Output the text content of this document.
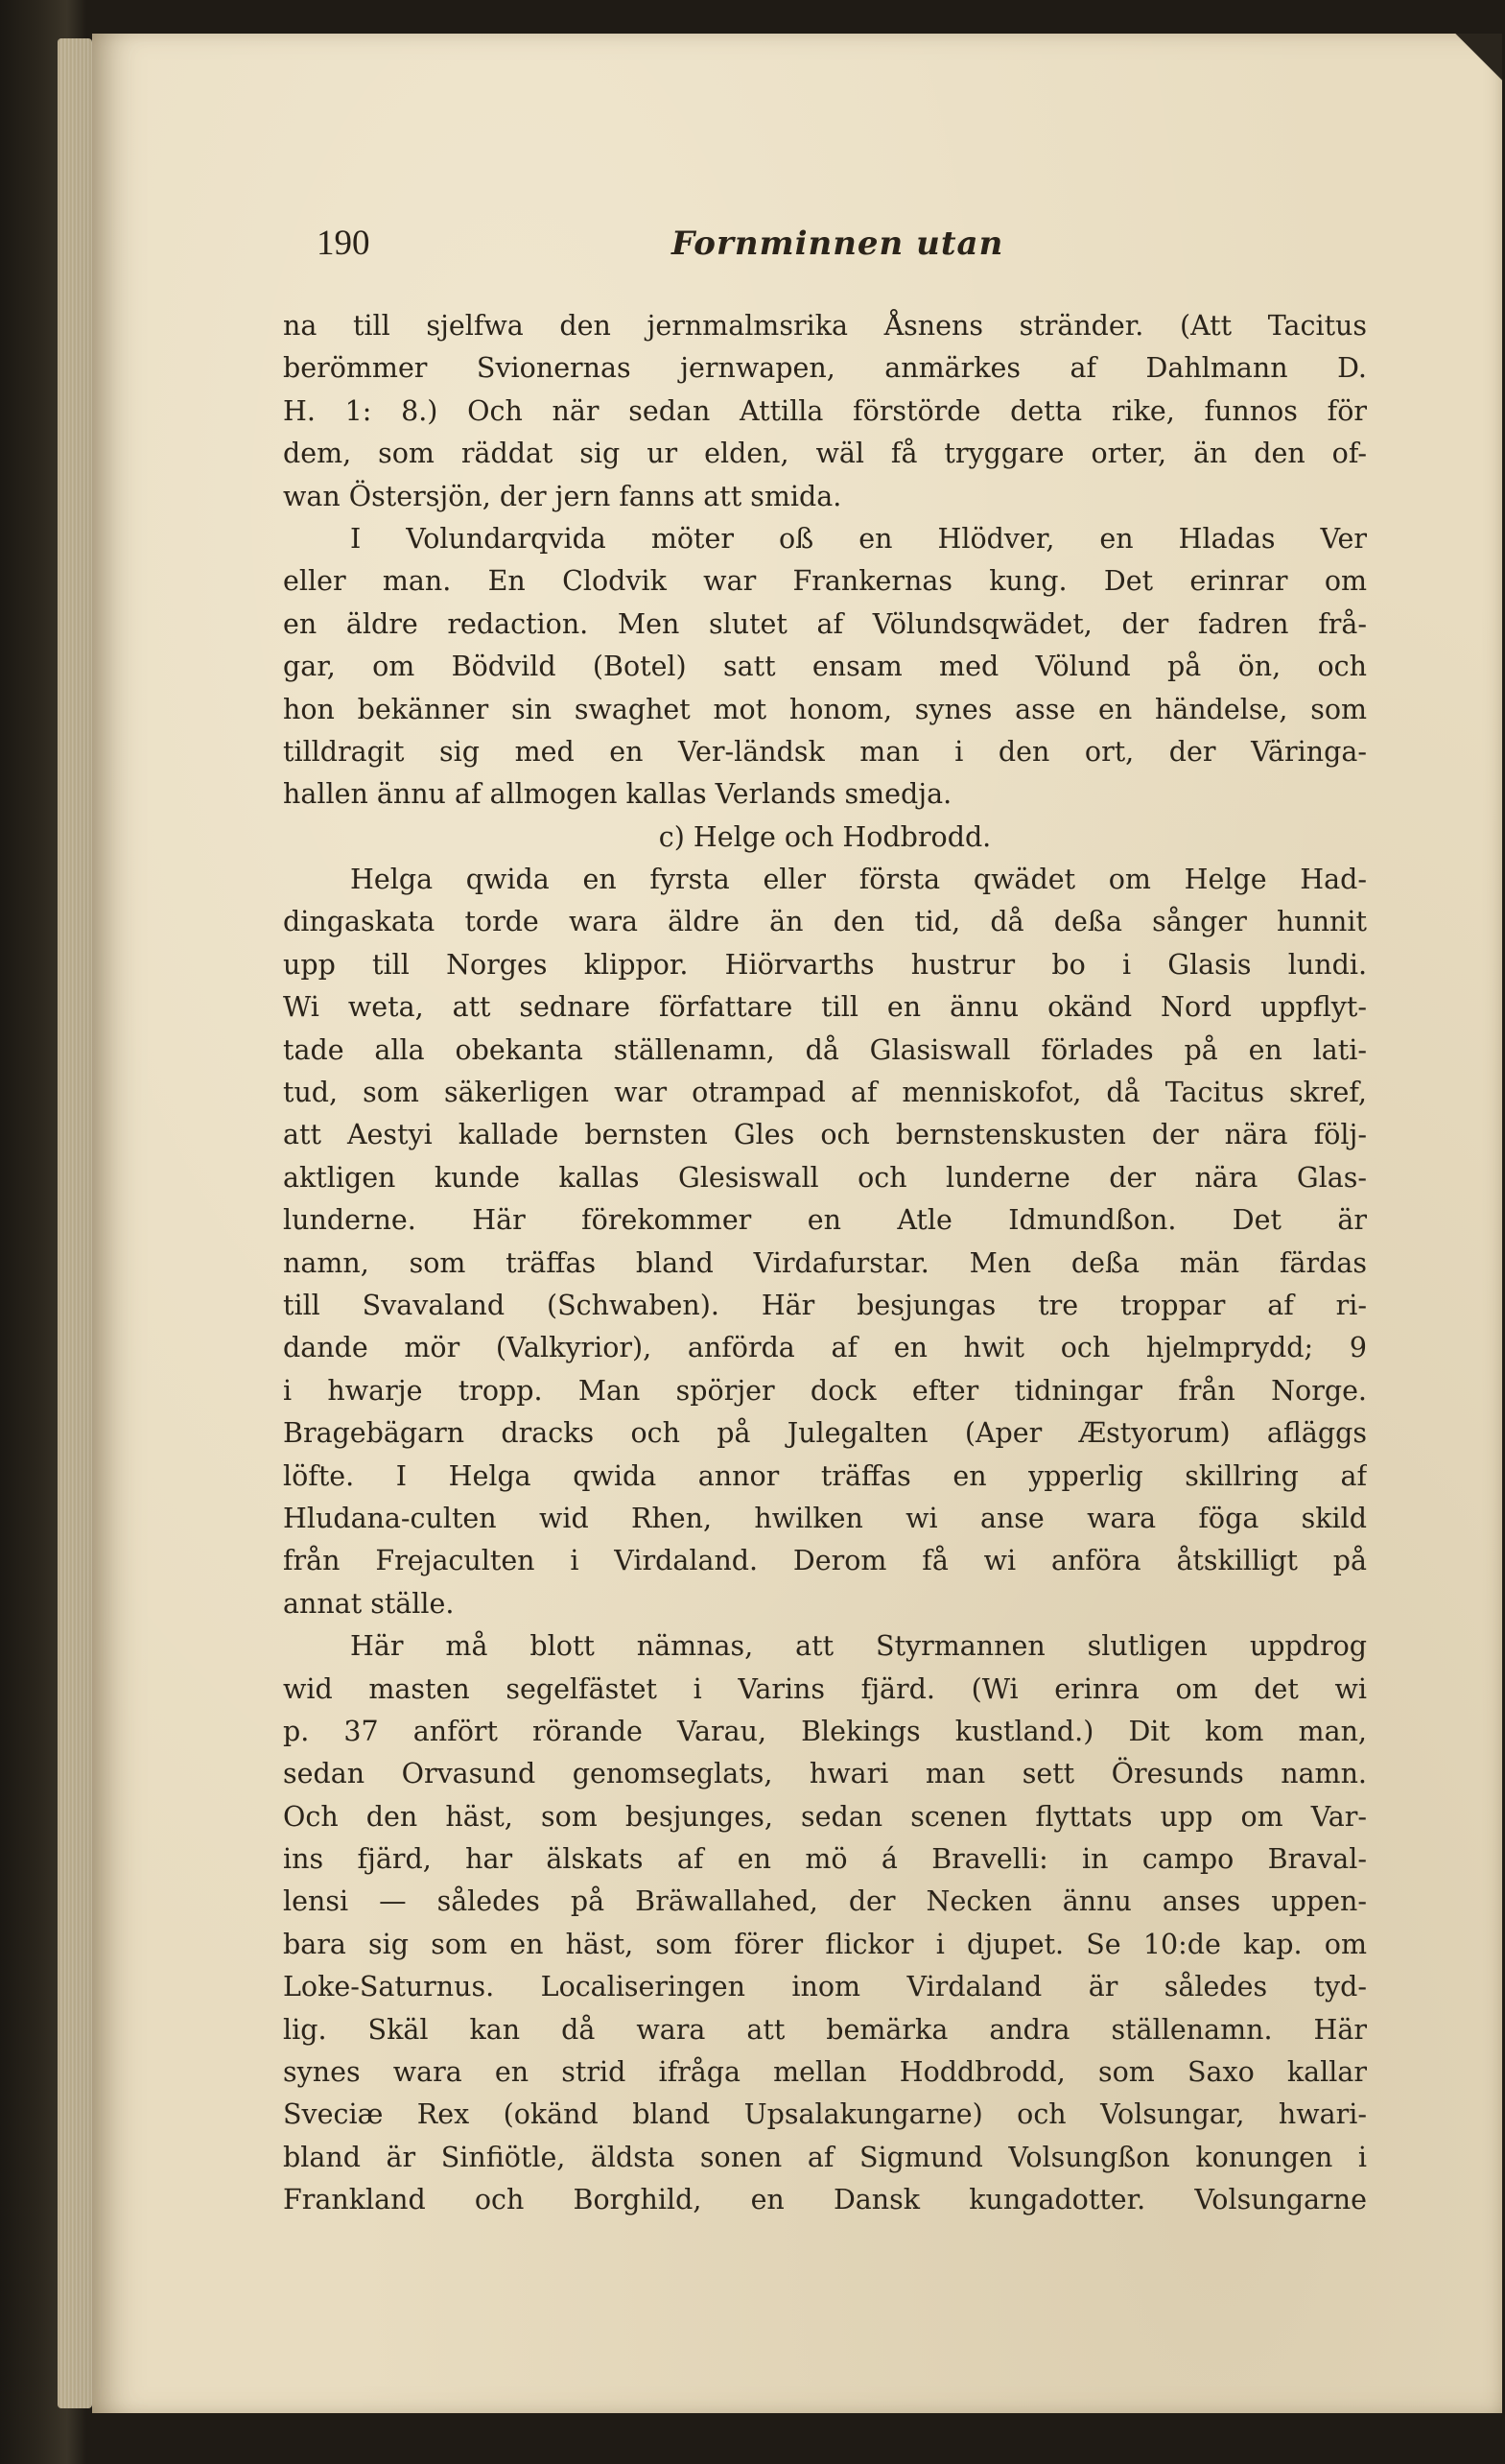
190	Fornminnen utan
na till sjelfwa den jernmalmsrika Åsnens stränder. (Att Tacitus
berömmer Svionernas jernwapen, anmärkes af Dahlmann D.
H. 1: 8.) Och när sedan Attilla förstörde detta rike, funnos för
dem, som räddat sig ur elden, wäl få tryggare orter, än den of-
wan Östersjön, der jern fanns att smida.
I Volundarqvida möter oß en Hlödver, en Hladas Ver
eller man. En Clodvik war Frankernas kung. Det erinrar om
en äldre redaction. Men slutet af Völundsqwädet, der fadren frå-
gar, om Bödvild (Botel) satt ensam med Völund på ön, och
hon bekänner sin swaghet mot honom, synes asse en händelse, som
tilldragit sig med en Ver-ländsk man i den ort, der Väringa-
hallen ännu af allmogen kallas Verlands smedja.
c) Helge och Hodbrodd.
Helga qwida en fyrsta eller första qwädet om Helge Had-
dingaskata torde wara äldre än den tid, då deßa sånger hunnit
upp till Norges klippor. Hiörvarths hustrur bo i Glasis lundi.
Wi weta, att sednare författare till en ännu okänd Nord uppflyt-
tade alla obekanta ställenamn, då Glasiswall förlades på en lati-
tud, som säkerligen war otrampad af menniskofot, då Tacitus skref,
att Aestyi kallade bernsten Gles och bernstenskusten der nära följ-
aktligen kunde kallas Glesiswall och lunderne der nära Glas-
lunderne. Här förekommer en Atle Idmundßon. Det är
namn, som träffas bland Virdafurstar. Men deßa män färdas
till Svavaland (Schwaben). Här besjungas tre troppar af ri-
dande mör (Valkyrior), anförda af en hwit och hjelmprydd; 9
i hwarje tropp. Man spörjer dock efter tidningar från Norge.
Bragebägarn dracks och på Julegalten (Aper Æstyorum) afläggs
löfte. I Helga qwida annor träffas en ypperlig skillring af
Hludana-culten wid Rhen, hwilken wi anse wara föga skild
från Frejaculten i Virdaland. Derom få wi anföra åtskilligt på
annat ställe.
Här må blott nämnas, att Styrmannen slutligen uppdrog
wid masten segelfästet i Varins fjärd. (Wi erinra om det wi
p. 37 anfört rörande Varau, Blekings kustland.) Dit kom man,
sedan Orvasund genomseglats, hwari man sett Öresunds namn.
Och den häst, som besjunges, sedan scenen flyttats upp om Var-
ins fjärd, har älskats af en mö á Bravelli: in campo Braval-
lensi — således på Bräwallahed, der Necken ännu anses uppen-
bara sig som en häst, som förer flickor i djupet. Se 10:de kap. om
Loke-Saturnus. Localiseringen inom Virdaland är således tyd-
lig. Skäl kan då wara att bemärka andra ställenamn. Här
synes wara en strid ifråga mellan Hoddbrodd, som Saxo kallar
Sveciæ Rex (okänd bland Upsalakungarne) och Volsungar, hwari-
bland är Sinfiötle, äldsta sonen af Sigmund Volsungßon konungen i
Frankland och Borghild, en Dansk kungadotter. Volsungarne
